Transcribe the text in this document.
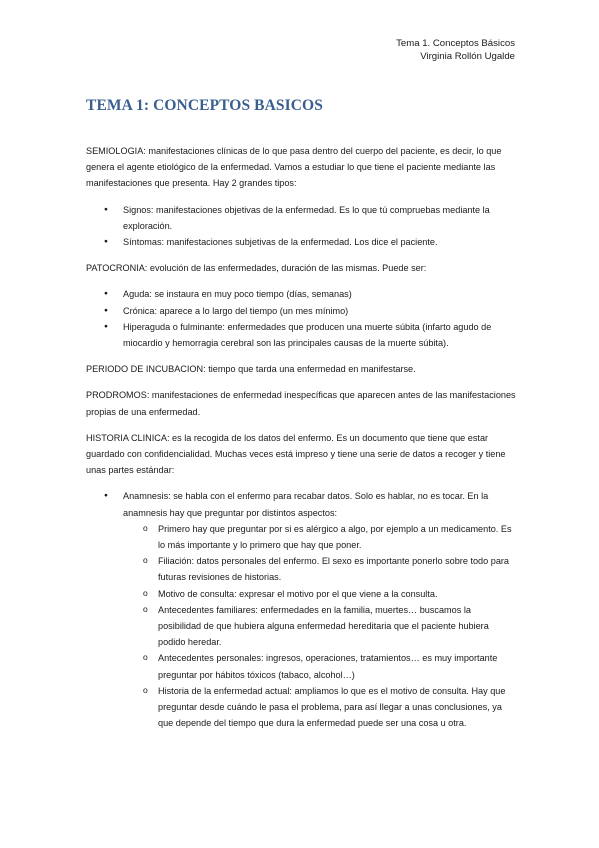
Tema 1. Conceptos Básicos
Virginia Rollón Ugalde
TEMA 1: CONCEPTOS BASICOS

SEMIOLOGIA: manifestaciones clínicas de lo que pasa dentro del cuerpo del paciente, es decir, lo que genera el agente etiológico de la enfermedad. Vamos a estudiar lo que tiene el paciente mediante las manifestaciones que presenta. Hay 2 grandes tipos:

● Signos: manifestaciones objetivas de la enfermedad. Es lo que tú compruebas mediante la exploración.
● Síntomas: manifestaciones subjetivas de la enfermedad. Los dice el paciente.

PATOCRONIA: evolución de las enfermedades, duración de las mismas. Puede ser:

● Aguda: se instaura en muy poco tiempo (días, semanas)
● Crónica: aparece a lo largo del tiempo (un mes mínimo)
● Hiperaguda o fulminante: enfermedades que producen una muerte súbita (infarto agudo de miocardio y hemorragia cerebral son las principales causas de la muerte súbita).

PERIODO DE INCUBACION: tiempo que tarda una enfermedad en manifestarse.

PRODROMOS: manifestaciones de enfermedad inespecíficas que aparecen antes de las manifestaciones propias de una enfermedad.

HISTORIA CLINICA: es la recogida de los datos del enfermo. Es un documento que tiene que estar guardado con confidencialidad. Muchas veces está impreso y tiene una serie de datos a recoger y tiene unas partes estándar:

● Anamnesis: se habla con el enfermo para recabar datos. Solo es hablar, no es tocar. En la anamnesis hay que preguntar por distintos aspectos:
o Primero hay que preguntar por si es alérgico a algo, por ejemplo a un medicamento. Es lo más importante y lo primero que hay que poner.
o Filiación: datos personales del enfermo. El sexo es importante ponerlo sobre todo para futuras revisiones de historias.
o Motivo de consulta: expresar el motivo por el que viene a la consulta.
o Antecedentes familiares: enfermedades en la familia, muertes… buscamos la posibilidad de que hubiera alguna enfermedad hereditaria que el paciente hubiera podido heredar.
o Antecedentes personales: ingresos, operaciones, tratamientos… es muy importante preguntar por hábitos tóxicos (tabaco, alcohol…)
o Historia de la enfermedad actual: ampliamos lo que es el motivo de consulta. Hay que preguntar desde cuándo le pasa el problema, para así llegar a unas conclusiones, ya que depende del tiempo que dura la enfermedad puede ser una cosa u otra.
